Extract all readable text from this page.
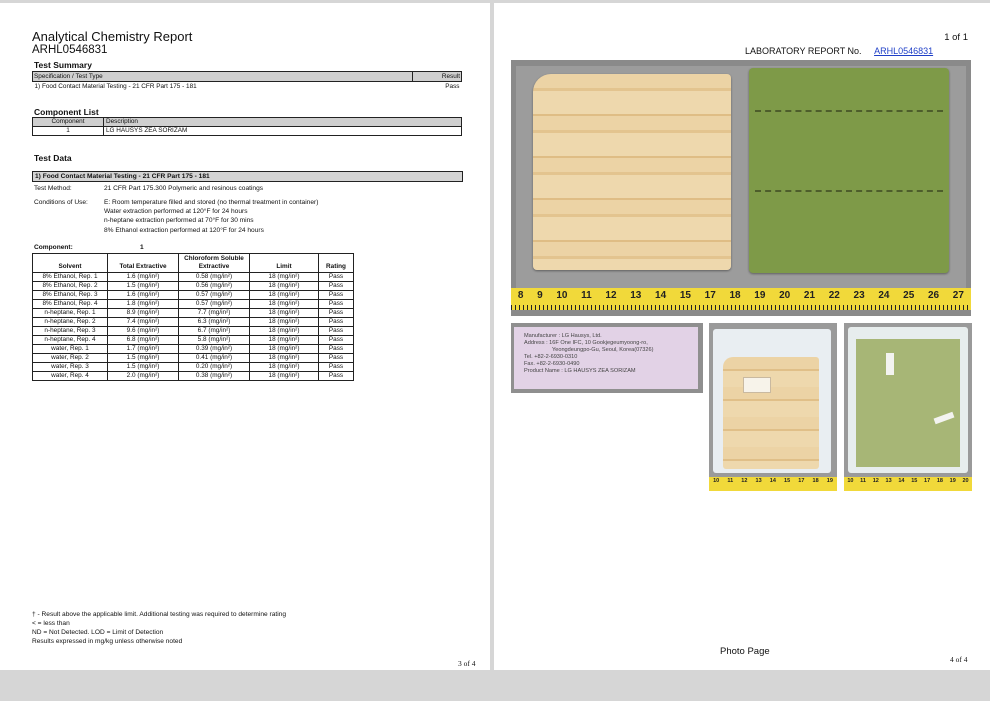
Analytical Chemistry Report
ARHL0546831
Test Summary
Specification / Test Type	Result
1) Food Contact Material Testing - 21 CFR Part 175 - 181	Pass
Component List
Component	Description
1	LG HAUSYS ZEA SORIZAM
Test Data
1) Food Contact Material Testing - 21 CFR Part 175 - 181
Test Method:	21 CFR Part 175.300 Polymeric and resinous coatings
Conditions of Use: E: Room temperature filled and stored (no thermal treatment in container)
Water extraction performed at 120°F for 24 hours
n-heptane extraction performed at 70°F for 30 mins
8% Ethanol extraction performed at 120°F for 24 hours
Component:	1
Solvent	Total Extractive	Chloroform Soluble Extractive	Limit	Rating
8% Ethanol, Rep. 1	1.6 (mg/in²)	0.58 (mg/in²)	18 (mg/in²)	Pass
8% Ethanol, Rep. 2	1.5 (mg/in²)	0.56 (mg/in²)	18 (mg/in²)	Pass
8% Ethanol, Rep. 3	1.6 (mg/in²)	0.57 (mg/in²)	18 (mg/in²)	Pass
8% Ethanol, Rep. 4	1.8 (mg/in²)	0.57 (mg/in²)	18 (mg/in²)	Pass
n-heptane, Rep. 1	8.9 (mg/in²)	7.7 (mg/in²)	18 (mg/in²)	Pass
n-heptane, Rep. 2	7.4 (mg/in²)	6.3 (mg/in²)	18 (mg/in²)	Pass
n-heptane, Rep. 3	9.6 (mg/in²)	6.7 (mg/in²)	18 (mg/in²)	Pass
n-heptane, Rep. 4	6.8 (mg/in²)	5.8 (mg/in²)	18 (mg/in²)	Pass
water, Rep. 1	1.7 (mg/in²)	0.39 (mg/in²)	18 (mg/in²)	Pass
water, Rep. 2	1.5 (mg/in²)	0.41 (mg/in²)	18 (mg/in²)	Pass
water, Rep. 3	1.5 (mg/in²)	0.20 (mg/in²)	18 (mg/in²)	Pass
water, Rep. 4	2.0 (mg/in²)	0.38 (mg/in²)	18 (mg/in²)	Pass
† - Result above the applicable limit. Additional testing was required to determine rating
< = less than
ND = Not Detected. LOD = Limit of Detection
Results expressed in mg/kg unless otherwise noted
3 of 4
1 of 1
LABORATORY REPORT No. ARHL0546831
8 9 10 11 12 13 14 15 17 18 19 20 21 22 23 24 25 26 27
Manufacturer : LG Hausys, Ltd.
Address : 16F One IFC, 10 Gookjegeumyoong-ro,
Yeongdeungpo-Gu, Seoul, Korea(07326)
Tel. +82-2-6930-0310
Fax. +82-2-6930-0490
Product Name : LG HAUSYS ZEA SORIZAM
10 11 12 13 14 15 17 18 19	10 11 12 13 14 15 17 18 19 20
Photo Page
4 of 4
